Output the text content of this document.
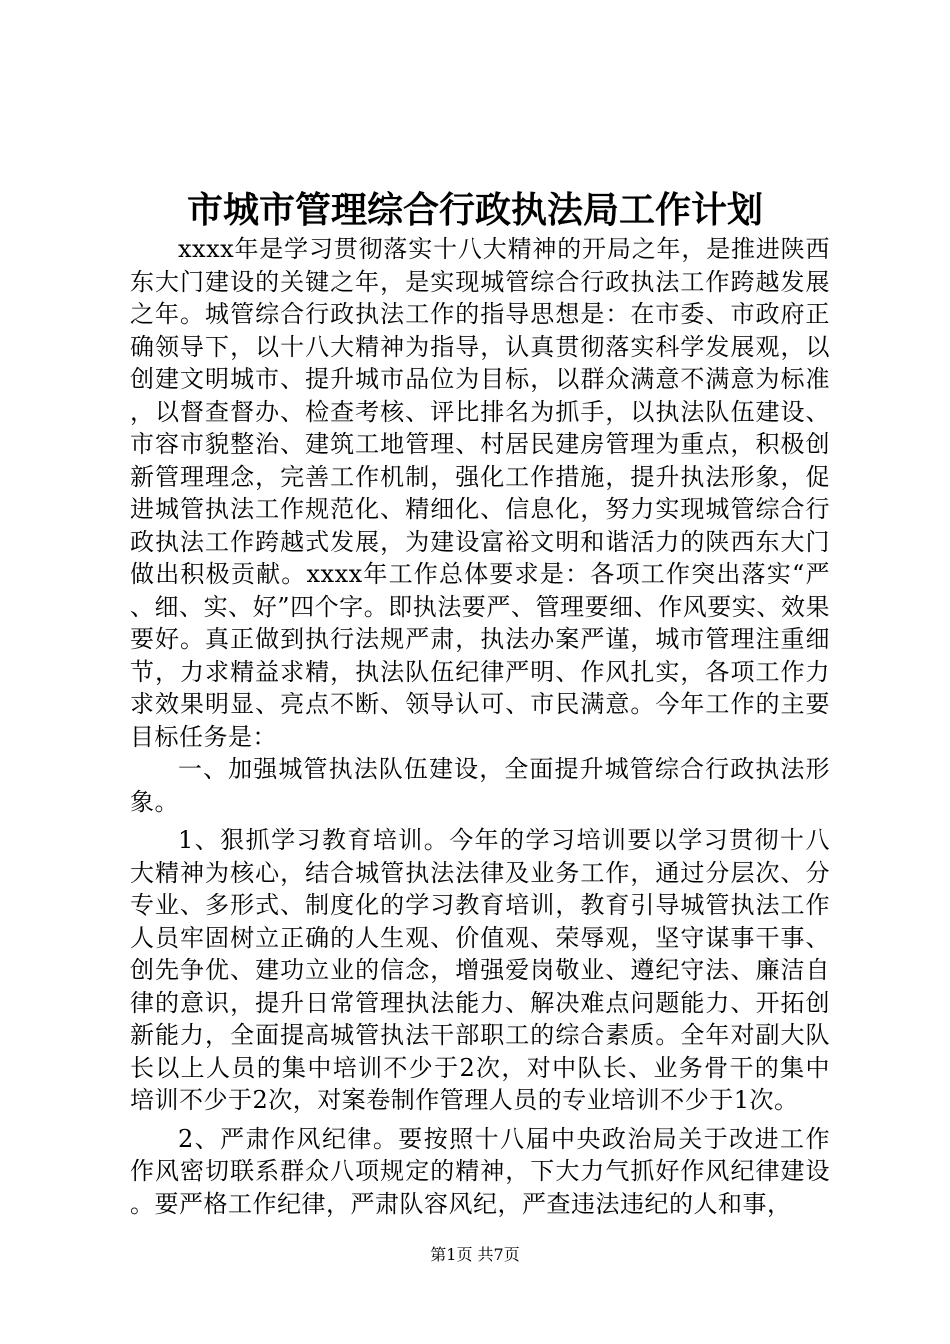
市城市管理综合行政执法局工作计划

xxxx年是学习贯彻落实十八大精神的开局之年，是推进陕西东大门建设的关键之年，是实现城管综合行政执法工作跨越发展之年。城管综合行政执法工作的指导思想是：在市委、市政府正确领导下，以十八大精神为指导，认真贯彻落实科学发展观，以创建文明城市、提升城市品位为目标，以群众满意不满意为标准，以督查督办、检查考核、评比排名为抓手，以执法队伍建设、市容市貌整治、建筑工地管理、村居民建房管理为重点，积极创新管理理念，完善工作机制，强化工作措施，提升执法形象，促进城管执法工作规范化、精细化、信息化，努力实现城管综合行政执法工作跨越式发展，为建设富裕文明和谐活力的陕西东大门做出积极贡献。xxxx年工作总体要求是：各项工作突出落实“严、细、实、好”四个字。即执法要严、管理要细、作风要实、效果要好。真正做到执行法规严肃，执法办案严谨，城市管理注重细节，力求精益求精，执法队伍纪律严明、作风扎实，各项工作力求效果明显、亮点不断、领导认可、市民满意。今年工作的主要目标任务是：

一、加强城管执法队伍建设，全面提升城管综合行政执法形象。

1、狠抓学习教育培训。今年的学习培训要以学习贯彻十八大精神为核心，结合城管执法法律及业务工作，通过分层次、分专业、多形式、制度化的学习教育培训，教育引导城管执法工作人员牢固树立正确的人生观、价值观、荣辱观，坚守谋事干事、创先争优、建功立业的信念，增强爱岗敬业、遵纪守法、廉洁自律的意识，提升日常管理执法能力、解决难点问题能力、开拓创新能力，全面提高城管执法干部职工的综合素质。全年对副大队长以上人员的集中培训不少于2次，对中队长、业务骨干的集中培训不少于2次，对案卷制作管理人员的专业培训不少于1次。

2、严肃作风纪律。要按照十八届中央政治局关于改进工作作风密切联系群众八项规定的精神，下大力气抓好作风纪律建设。要严格工作纪律，严肃队容风纪，严查违法违纪的人和事，

第1页 共7页
